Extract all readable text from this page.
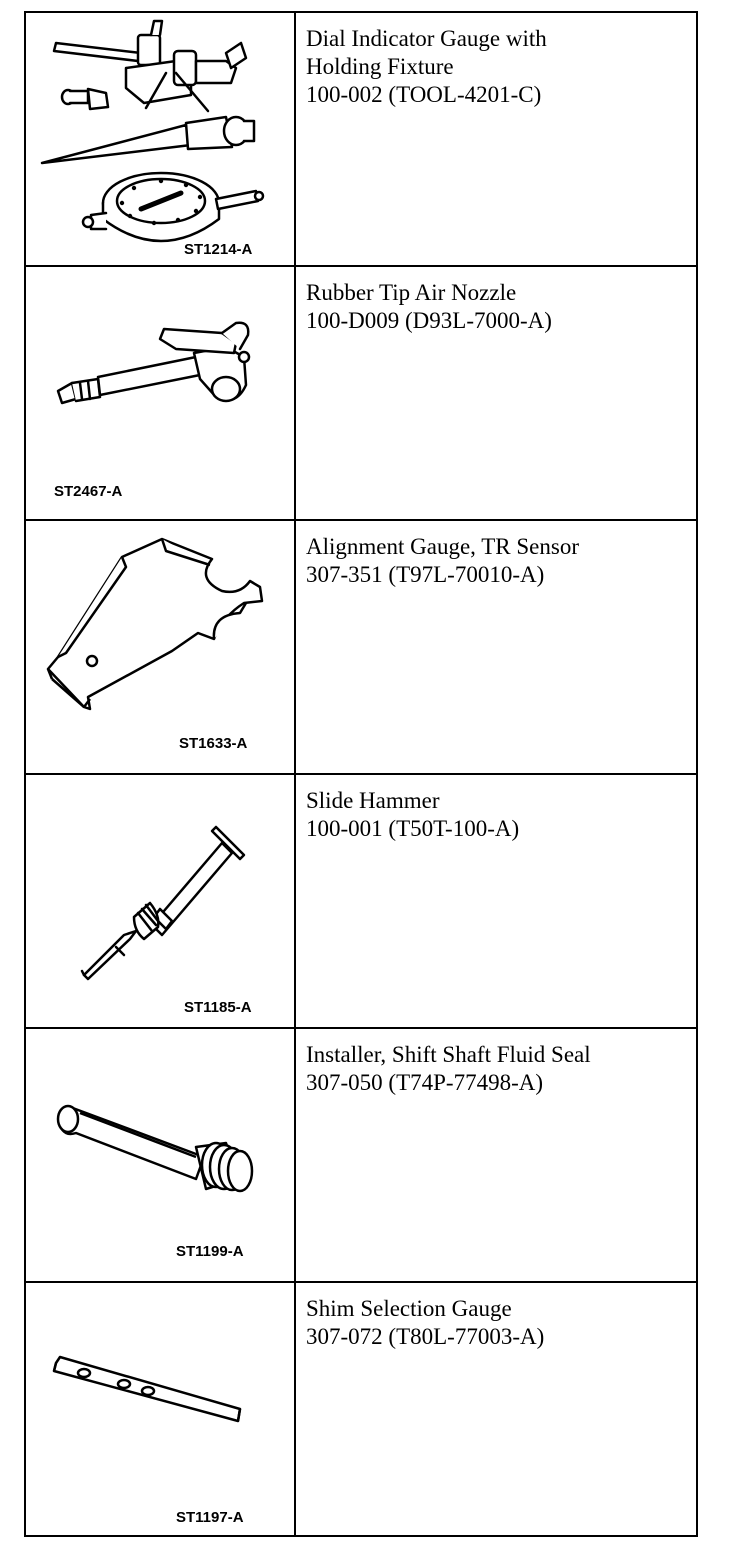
ST1214-A	Dial Indicator Gauge with
Holding Fixture
100-002 (TOOL-4201-C)

ST2467-A	Rubber Tip Air Nozzle
100-D009 (D93L-7000-A)

ST1633-A	Alignment Gauge, TR Sensor
307-351 (T97L-70010-A)

ST1185-A	Slide Hammer
100-001 (T50T-100-A)

ST1199-A	Installer, Shift Shaft Fluid Seal
307-050 (T74P-77498-A)

ST1197-A	Shim Selection Gauge
307-072 (T80L-77003-A)
